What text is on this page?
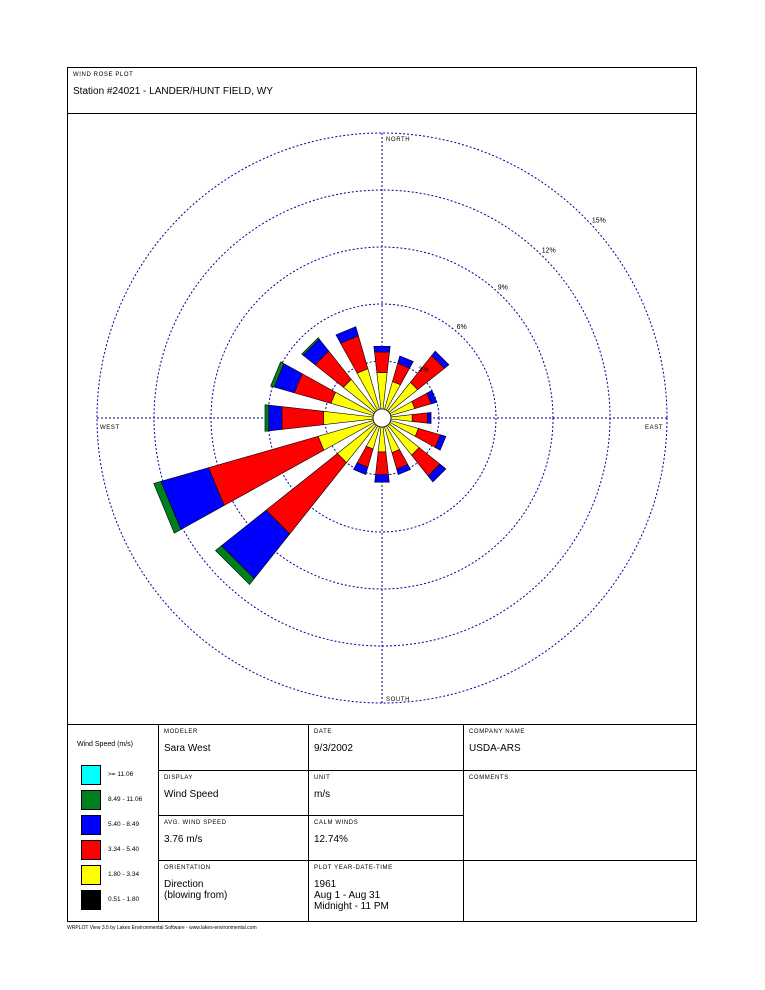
WIND ROSE PLOT
Station #24021 - LANDER/HUNT FIELD, WY
3%
6%
9%
12%
15%
NORTH
EAST
SOUTH
WEST
Wind Speed (m/s)
>= 11.06
8.49 - 11.06
5.40 - 8.49
3.34 - 5.40
1.80 - 3.34
0.51 - 1.80
MODELER
Sara West
DATE
9/3/2002
COMPANY NAME
USDA-ARS
DISPLAY
Wind Speed
UNIT
m/s
COMMENTS
AVG. WIND SPEED
3.76 m/s
CALM WINDS
12.74%
ORIENTATION
Direction
(blowing from)
PLOT YEAR-DATE-TIME
1961
Aug 1 - Aug 31
Midnight - 11 PM
WRPLOT View 3.5 by Lakes Environmental Software - www.lakes-environmental.com
